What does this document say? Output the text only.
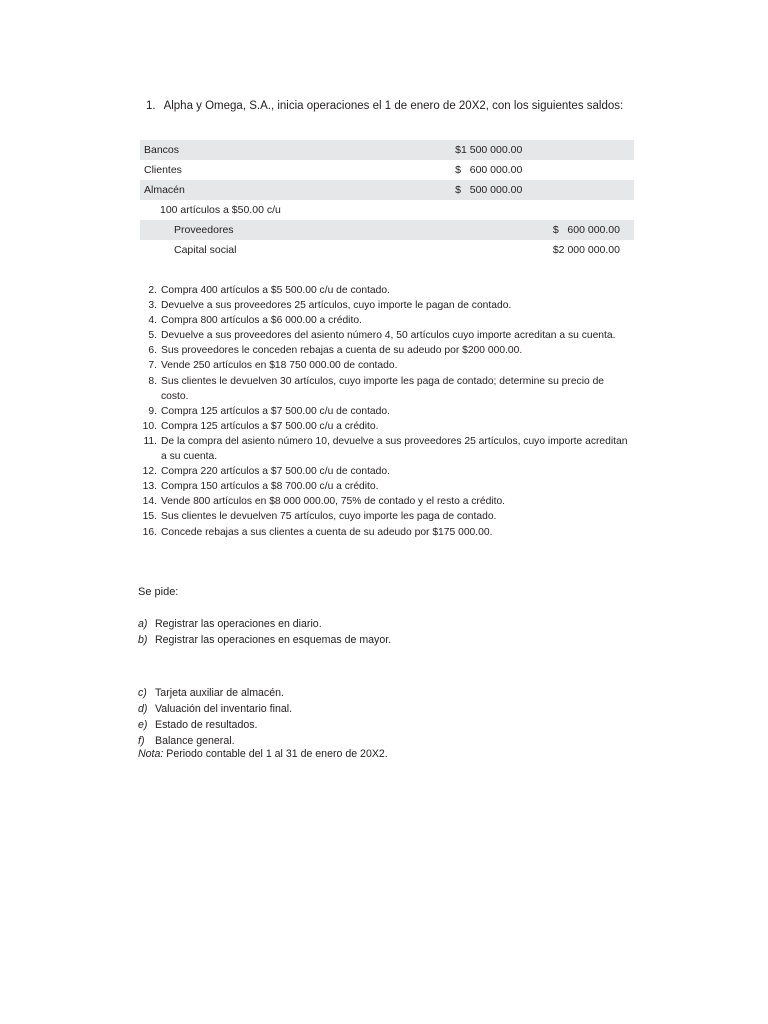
1. Alpha y Omega, S.A., inicia operaciones el 1 de enero de 20X2, con los siguientes saldos:
Bancos	$1 500 000.00	
Clientes	$   600 000.00	
Almacén	$   500 000.00	
100 artículos a $50.00 c/u		
Proveedores		$   600 000.00
Capital social		$2 000 000.00
2. Compra 400 artículos a $5 500.00 c/u de contado.
3. Devuelve a sus proveedores 25 artículos, cuyo importe le pagan de contado.
4. Compra 800 artículos a $6 000.00 a crédito.
5. Devuelve a sus proveedores del asiento número 4, 50 artículos cuyo importe acreditan a su cuenta.
6. Sus proveedores le conceden rebajas a cuenta de su adeudo por $200 000.00.
7. Vende 250 artículos en $18 750 000.00 de contado.
8. Sus clientes le devuelven 30 artículos, cuyo importe les paga de contado; determine su precio de costo.
9. Compra 125 artículos a $7 500.00 c/u de contado.
10. Compra 125 artículos a $7 500.00 c/u a crédito.
11. De la compra del asiento número 10, devuelve a sus proveedores 25 artículos, cuyo importe acreditan a su cuenta.
12. Compra 220 artículos a $7 500.00 c/u de contado.
13. Compra 150 artículos a $8 700.00 c/u a crédito.
14. Vende 800 artículos en $8 000 000.00, 75% de contado y el resto a crédito.
15. Sus clientes le devuelven 75 artículos, cuyo importe les paga de contado.
16. Concede rebajas a sus clientes a cuenta de su adeudo por $175 000.00.
Se pide:
a) Registrar las operaciones en diario.
b) Registrar las operaciones en esquemas de mayor.
c) Tarjeta auxiliar de almacén.
d) Valuación del inventario final.
e) Estado de resultados.
f) Balance general.
Nota: Periodo contable del 1 al 31 de enero de 20X2.
